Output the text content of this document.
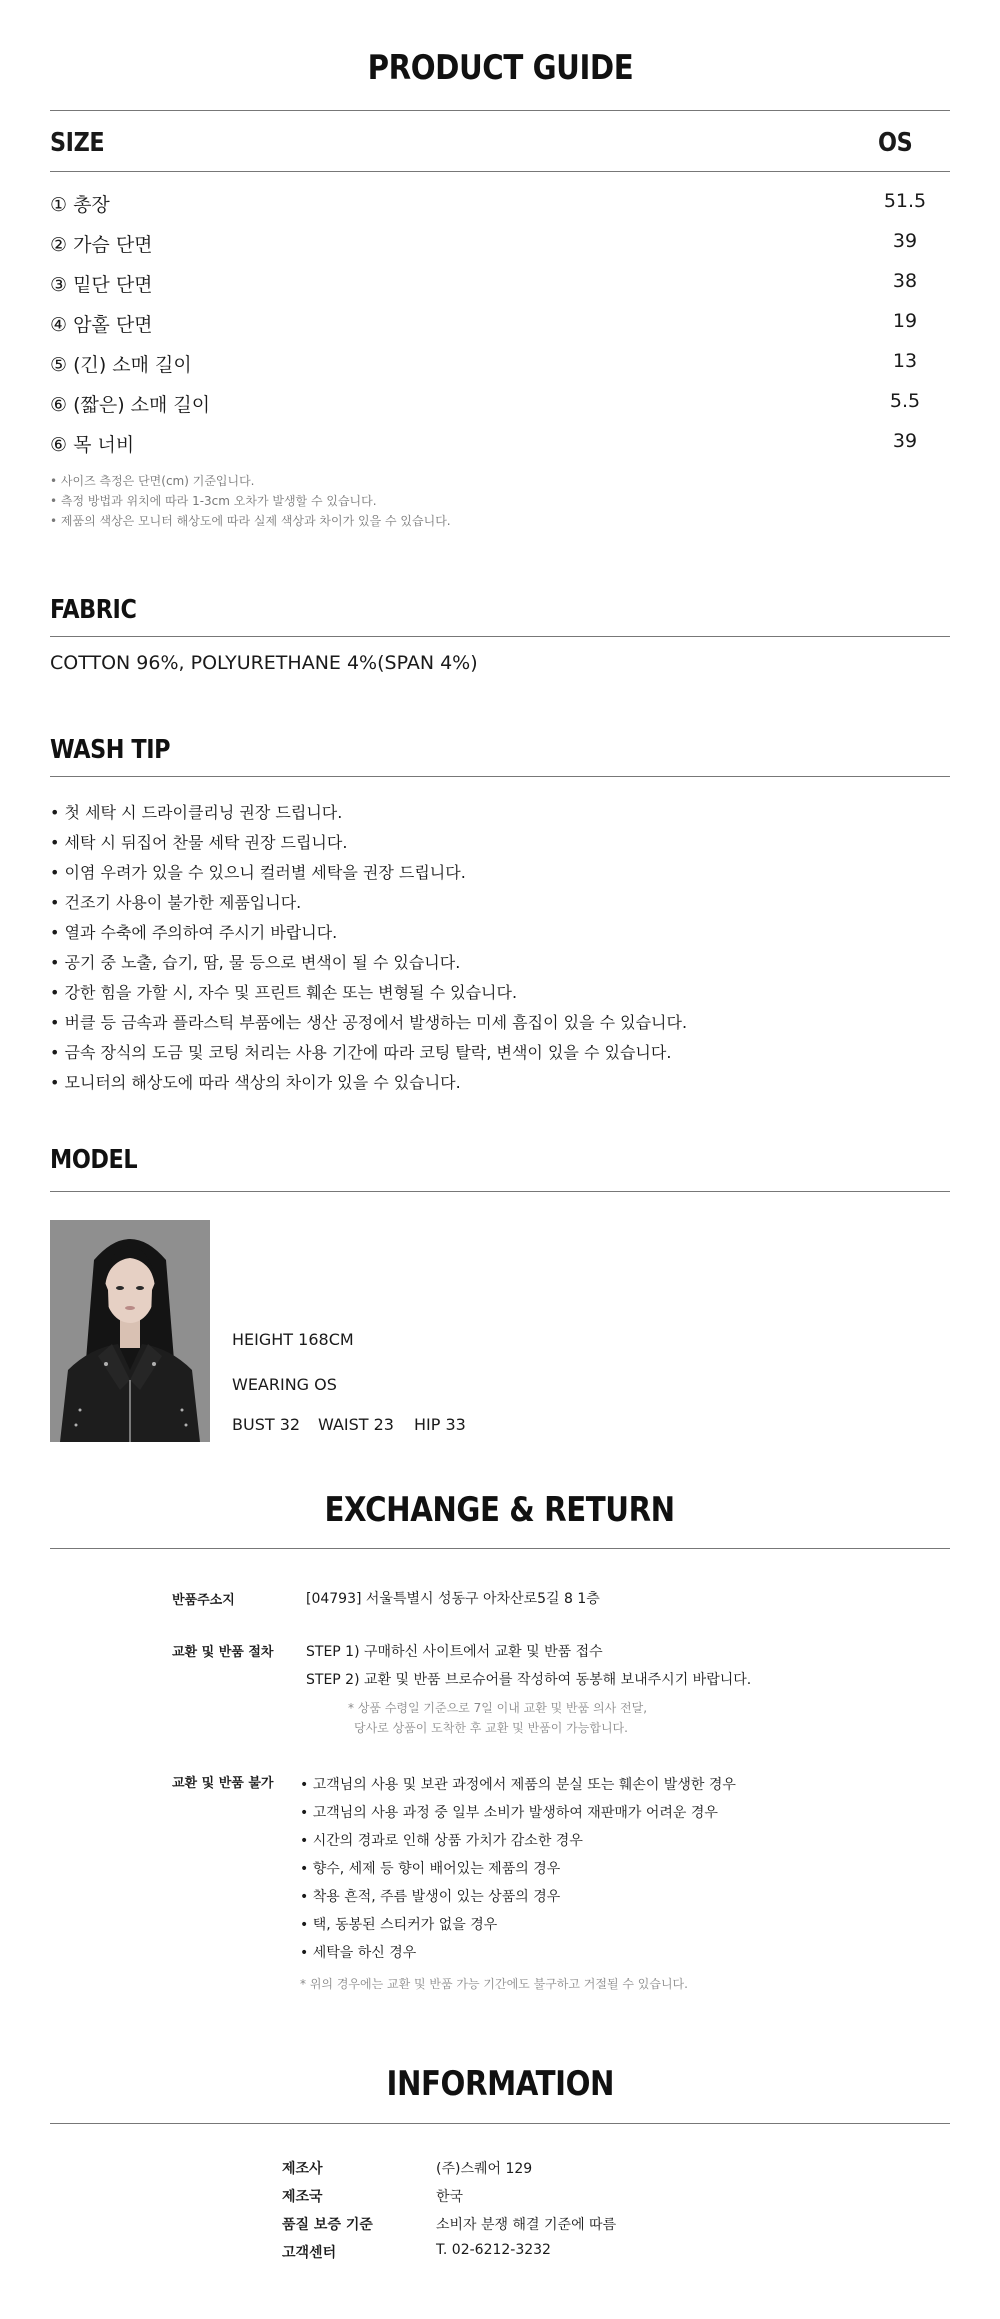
PRODUCT GUIDE
SIZE	OS
① 총장	51.5
② 가슴 단면	39
③ 밑단 단면	38
④ 암홀 단면	19
⑤ (긴) 소매 길이	13
⑥ (짧은) 소매 길이	5.5
⑥ 목 너비	39
• 사이즈 측정은 단면(cm) 기준입니다.
• 측정 방법과 위치에 따라 1-3cm 오차가 발생할 수 있습니다.
• 제품의 색상은 모니터 해상도에 따라 실제 색상과 차이가 있을 수 있습니다.
FABRIC
COTTON 96%, POLYURETHANE 4%(SPAN 4%)
WASH TIP
• 첫 세탁 시 드라이클리닝 권장 드립니다.
• 세탁 시 뒤집어 찬물 세탁 권장 드립니다.
• 이염 우려가 있을 수 있으니 컬러별 세탁을 권장 드립니다.
• 건조기 사용이 불가한 제품입니다.
• 열과 수축에 주의하여 주시기 바랍니다.
• 공기 중 노출, 습기, 땀, 물 등으로 변색이 될 수 있습니다.
• 강한 힘을 가할 시, 자수 및 프린트 훼손 또는 변형될 수 있습니다.
• 버클 등 금속과 플라스틱 부품에는 생산 공정에서 발생하는 미세 흠집이 있을 수 있습니다.
• 금속 장식의 도금 및 코팅 처리는 사용 기간에 따라 코팅 탈락, 변색이 있을 수 있습니다.
• 모니터의 해상도에 따라 색상의 차이가 있을 수 있습니다.
MODEL
HEIGHT 168CM
WEARING OS
BUST 32 WAIST 23 HIP 33
EXCHANGE & RETURN
반품주소지	[04793] 서울특별시 성동구 아차산로5길 8 1층
교환 및 반품 절차 STEP 1) 구매하신 사이트에서 교환 및 반품 접수
STEP 2) 교환 및 반품 브로슈어를 작성하여 동봉해 보내주시기 바랍니다.
* 상품 수령일 기준으로 7일 이내 교환 및 반품 의사 전달,
당사로 상품이 도착한 후 교환 및 반품이 가능합니다.
교환 및 반품 불가 • 고객님의 사용 및 보관 과정에서 제품의 분실 또는 훼손이 발생한 경우
• 고객님의 사용 과정 중 일부 소비가 발생하여 재판매가 어려운 경우
• 시간의 경과로 인해 상품 가치가 감소한 경우
• 향수, 세제 등 향이 배어있는 제품의 경우
• 착용 흔적, 주름 발생이 있는 상품의 경우
• 택, 동봉된 스티커가 없을 경우
• 세탁을 하신 경우
* 위의 경우에는 교환 및 반품 가능 기간에도 불구하고 거절될 수 있습니다.
INFORMATION
제조사	(주)스퀘어 129
제조국	한국
품질 보증 기준	소비자 분쟁 해결 기준에 따름
고객센터	T. 02-6212-3232
